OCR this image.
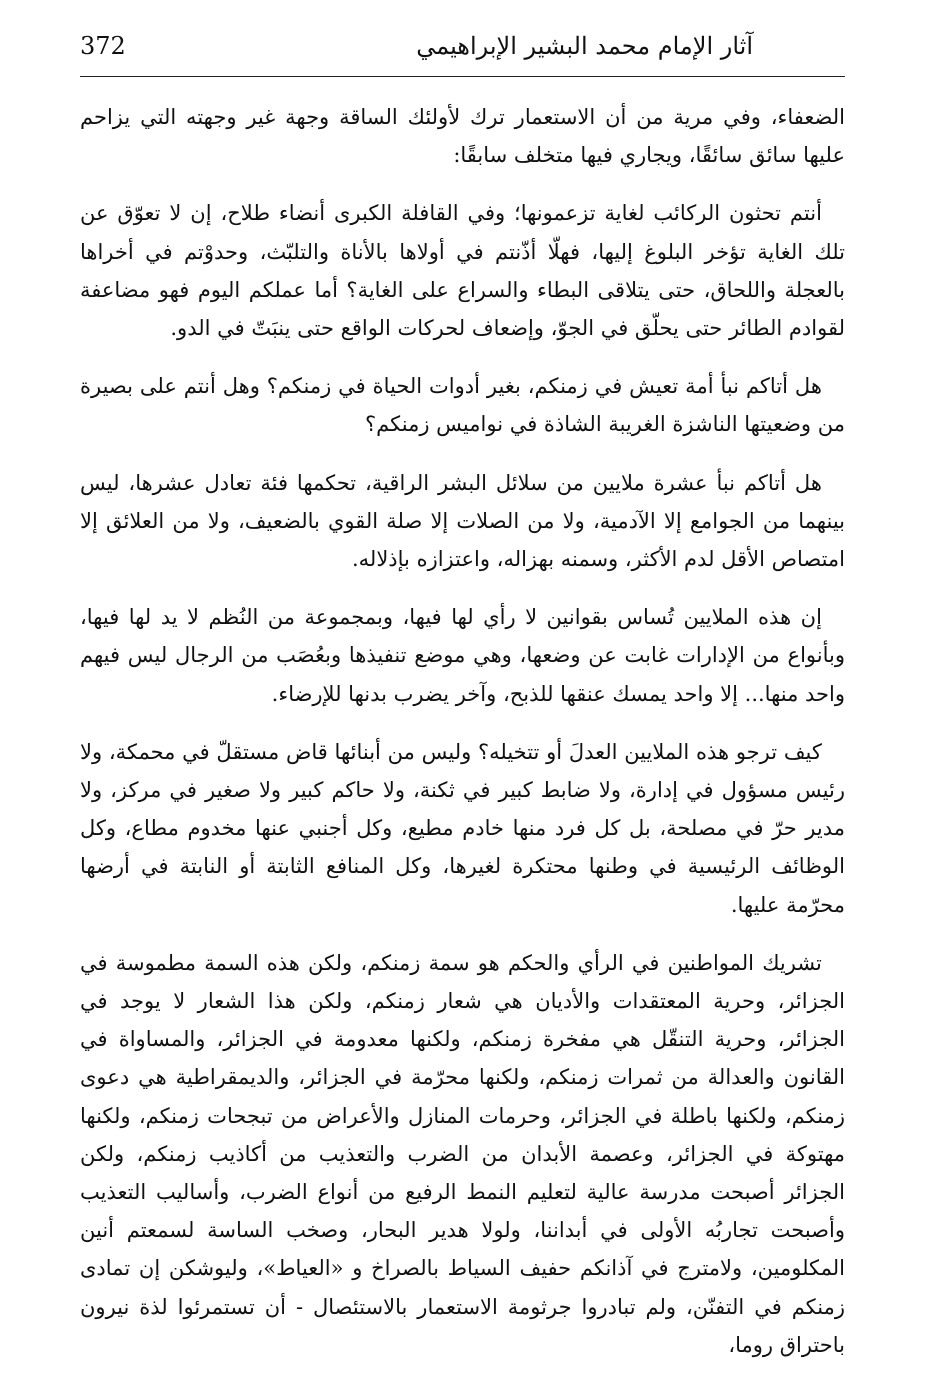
372	آثار الإمام محمد البشير الإبراهيمي

الضعفاء، وفي مرية من أن الاستعمار ترك لأولئك الساقة وجهة غير وجهته التي يزاحم عليها سائق سائقًا، ويجاري فيها متخلف سابقًا:

أنتم تحثون الركائب لغاية تزعمونها؛ وفي القافلة الكبرى أنضاء طلاح، إن لا تعوّق عن تلك الغاية تؤخر البلوغ إليها، فهلّا أذّنتم في أولاها بالأناة والتلبّث، وحدوْتم في أخراها بالعجلة واللحاق، حتى يتلاقى البطاء والسراع على الغاية؟ أما عملكم اليوم فهو مضاعفة لقوادم الطائر حتى يحلّق في الجوّ، وإضعاف لحركات الواقع حتى ينبَتّ في الدو.

هل أتاكم نبأ أمة تعيش في زمنكم، بغير أدوات الحياة في زمنكم؟ وهل أنتم على بصيرة من وضعيتها الناشزة الغريبة الشاذة في نواميس زمنكم؟

هل أتاكم نبأ عشرة ملايين من سلائل البشر الراقية، تحكمها فئة تعادل عشرها، ليس بينهما من الجوامع إلا الآدمية، ولا من الصلات إلا صلة القوي بالضعيف، ولا من العلائق إلا امتصاص الأقل لدم الأكثر، وسمنه بهزاله، واعتزازه بإذلاله.

إن هذه الملايين تُساس بقوانين لا رأي لها فيها، وبمجموعة من النُظم لا يد لها فيها، وبأنواع من الإدارات غابت عن وضعها، وهي موضع تنفيذها وبعُصَب من الرجال ليس فيهم واحد منها... إلا واحد يمسك عنقها للذبح، وآخر يضرب بدنها للإرضاء.

كيف ترجو هذه الملايين العدلَ أو تتخيله؟ وليس من أبنائها قاض مستقلّ في محمكة، ولا رئيس مسؤول في إدارة، ولا ضابط كبير في ثكنة، ولا حاكم كبير ولا صغير في مركز، ولا مدير حرّ في مصلحة، بل كل فرد منها خادم مطيع، وكل أجنبي عنها مخدوم مطاع، وكل الوظائف الرئيسية في وطنها محتكرة لغيرها، وكل المنافع الثابتة أو النابتة في أرضها محرّمة عليها.

تشريك المواطنين في الرأي والحكم هو سمة زمنكم، ولكن هذه السمة مطموسة في الجزائر، وحرية المعتقدات والأديان هي شعار زمنكم، ولكن هذا الشعار لا يوجد في الجزائر، وحرية التنقّل هي مفخرة زمنكم، ولكنها معدومة في الجزائر، والمساواة في القانون والعدالة من ثمرات زمنكم، ولكنها محرّمة في الجزائر، والديمقراطية هي دعوى زمنكم، ولكنها باطلة في الجزائر، وحرمات المنازل والأعراض من تبجحات زمنكم، ولكنها مهتوكة في الجزائر، وعصمة الأبدان من الضرب والتعذيب من أكاذيب زمنكم، ولكن الجزائر أصبحت مدرسة عالية لتعليم النمط الرفيع من أنواع الضرب، وأساليب التعذيب وأصبحت تجاربُه الأولى في أبداننا، ولولا هدير البحار، وصخب الساسة لسمعتم أنين المكلومين، ولامترج في آذانكم حفيف السياط بالصراخ و «العياط»، وليوشكن إن تمادى زمنكم في التفنّن، ولم تبادروا جرثومة الاستعمار بالاستئصال - أن تستمرئوا لذة نيرون باحتراق روما،
